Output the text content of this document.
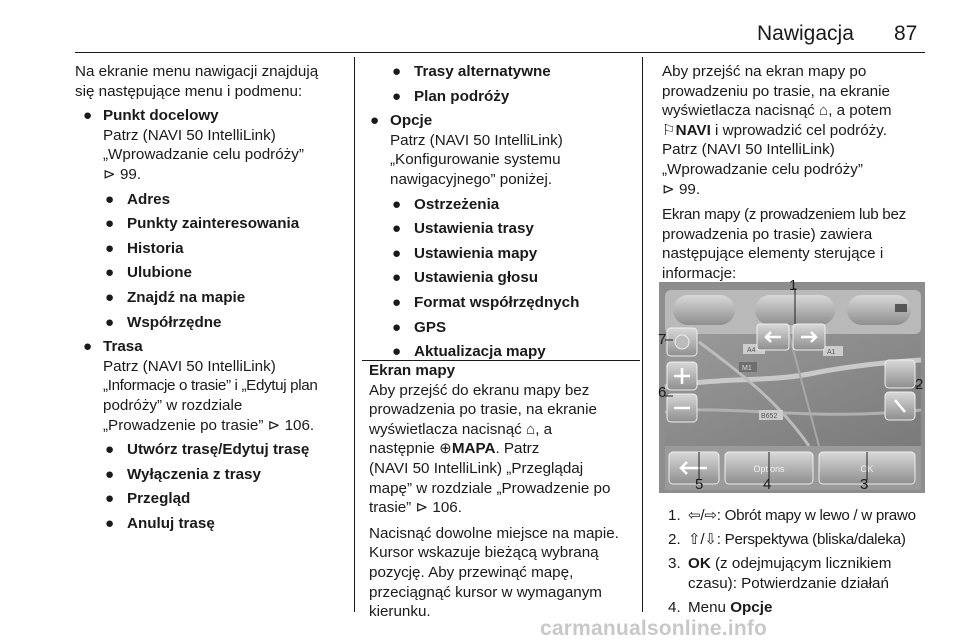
Nawigacja 87

Na ekranie menu nawigacji znajdują

się następujące menu i podmenu:

● Punkt docelowy

Patrz (NAVI 50 IntelliLink)

„Wprowadzanie celu podróży”

⊳ 99.

● Adres

● Punkty zainteresowania

● Historia

● Ulubione

● Znajdź na mapie

● Współrzędne

● Trasa

Patrz (NAVI 50 IntelliLink)

„Informacje o trasie” i „Edytuj plan

podróży” w rozdziale

„Prowadzenie po trasie” ⊳ 106.

● Utwórz trasę/Edytuj trasę

● Wyłączenia z trasy

● Przegląd

● Anuluj trasę

● Trasy alternatywne

● Plan podróży

● Opcje

Patrz (NAVI 50 IntelliLink)

„Konfigurowanie systemu

nawigacyjnego” poniżej.

● Ostrzeżenia

● Ustawienia trasy

● Ustawienia mapy

● Ustawienia głosu

● Format współrzędnych

● GPS

● Aktualizacja mapy

Ekran mapy

Aby przejść do ekranu mapy bez

prowadzenia po trasie, na ekranie

wyświetlacza nacisnąć ⌂, a

następnie ⊕MAPA. Patrz

(NAVI 50 IntelliLink) „Przeglądaj

mapę” w rozdziale „Prowadzenie po

trasie” ⊳ 106.

Nacisnąć dowolne miejsce na mapie.

Kursor wskazuje bieżącą wybraną

pozycję. Aby przewinąć mapę,

przeciągnąć kursor w wymaganym

kierunku.

Aby przejść na ekran mapy po

prowadzeniu po trasie, na ekranie

wyświetlacza nacisnąć ⌂, a potem

⚐NAVI i wprowadzić cel podróży.

Patrz (NAVI 50 IntelliLink)

„Wprowadzanie celu podróży”

⊳ 99.

Ekran mapy (z prowadzeniem lub bez

prowadzenia po trasie) zawiera

następujące elementy sterujące i

informacje:

A4
M1
A1
B652
Options	OK
1
2
3
4
5
6
7
1. ⇦/⇨: Obrót mapy w lewo / w prawo
2. ⇧/⇩: Perspektywa (bliska/daleka)
3. OK (z odejmującym licznikiem
czasu): Potwierdzanie działań
4. Menu Opcje
carmanualsonline.info
